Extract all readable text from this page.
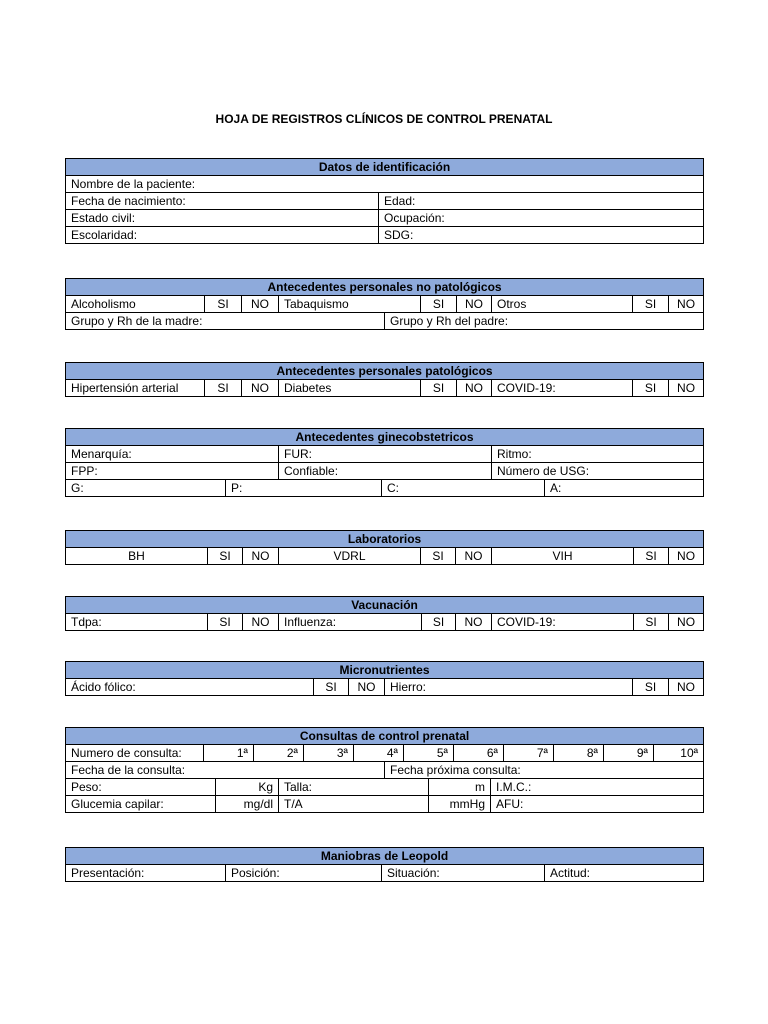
HOJA DE REGISTROS CLÍNICOS DE CONTROL PRENATAL
Datos de identificación	
Nombre de la paciente:	
Fecha de nacimiento:	Edad:
Estado civil:	Ocupación:
Escolaridad:	SDG:
Antecedentes personales no patológicos
Alcoholismo	SI	NO	Tabaquismo	SI	NO	Otros	SI	NO
Grupo y Rh de la madre:	Grupo y Rh del padre:
Antecedentes personales patológicos
Hipertensión arterial	SI	NO	Diabetes	SI	NO	COVID-19:	SI	NO
Antecedentes ginecobstetricos		
Menarquía:	FUR:	Ritmo:
FPP:	Confiable:	Número de USG:
G:	P:	C:	A:
Laboratorios
BH	SI	NO	VDRL	SI	NO	VIH	SI	NO
Vacunación
Tdpa:	SI	NO	Influenza:	SI	NO	COVID-19:	SI	NO
Micronutrientes
Ácido fólico:	SI	NO	Hierro:	SI	NO
Consultas de control prenatal
Numero de consulta:	1ª	2ª	3ª	4ª	5ª	6ª	7ª	8ª	9ª	10ª
Fecha de la consulta:	Fecha próxima consulta:
Peso:	Kg	Talla:	m	I.M.C.:
Glucemia capilar:	mg/dl	T/A	mmHg	AFU:
Maniobras de Leopold
Presentación:	Posición:	Situación:	Actitud:
